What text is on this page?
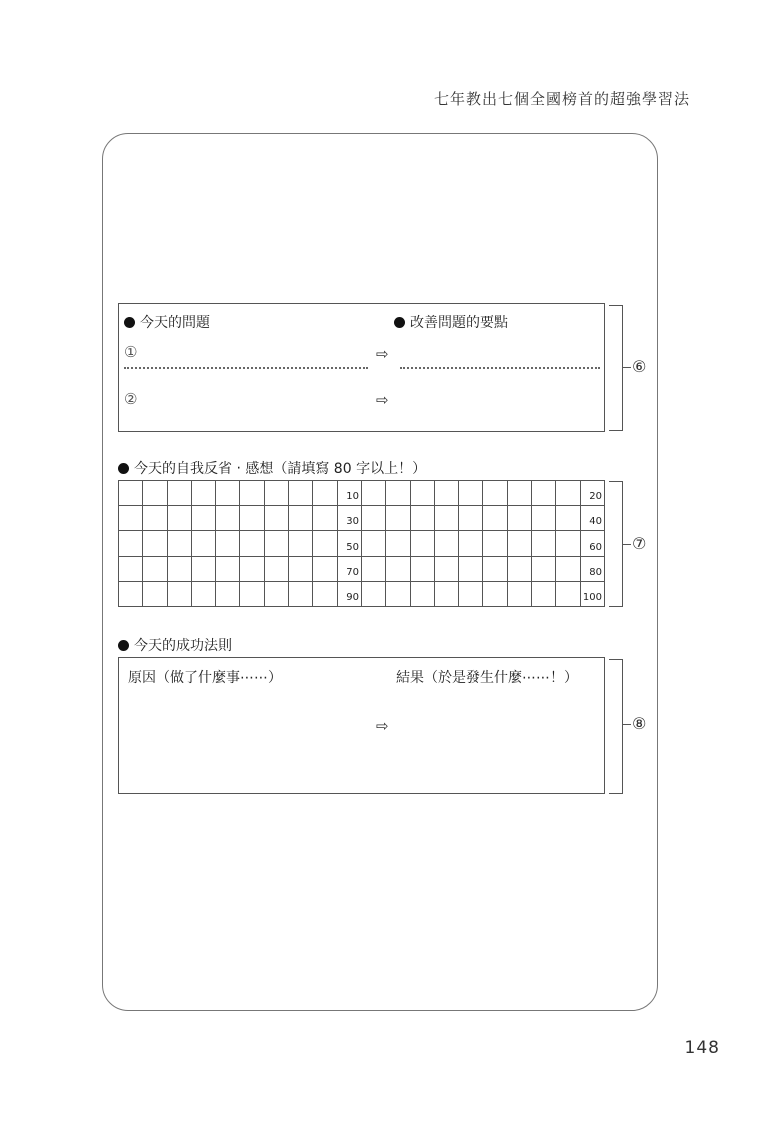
七年教出七個全國榜首的超強學習法
今天的問題	改善問題的要點
①	⇨
②	⇨
⑥
今天的自我反省 ‧ 感想（請填寫 80 字以上！）
10	20
30	40
50	60
70	80
90	100
⑦
今天的成功法則
原因（做了什麼事⋯⋯）	結果（於是發生什麼⋯⋯！）
⇨	⑧
148
